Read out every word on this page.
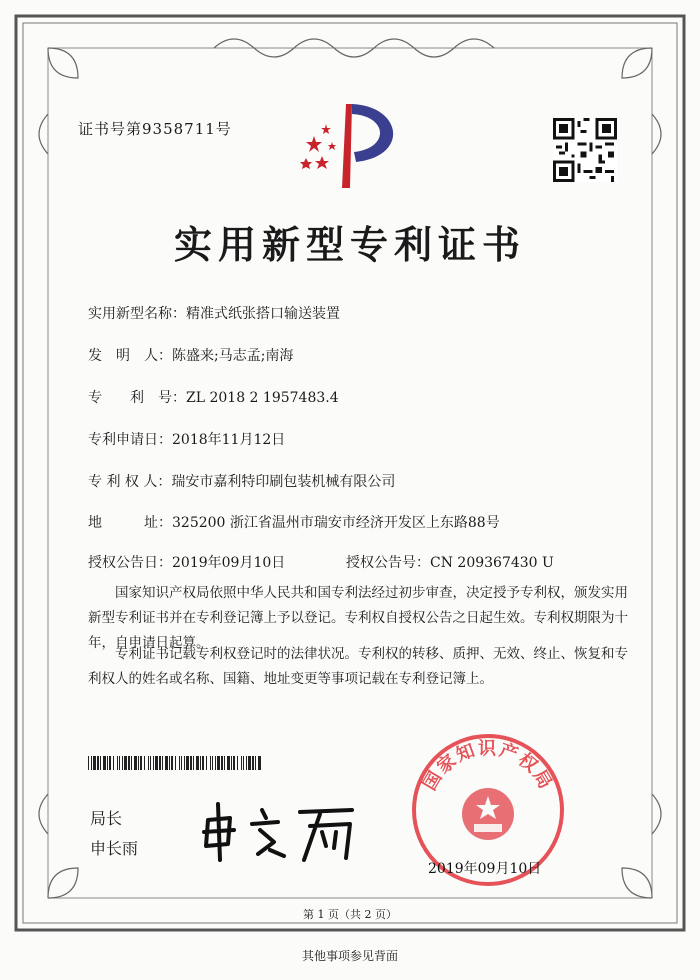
证书号第9358711号
实用新型专利证书
实用新型名称：精准式纸张搭口输送装置
发　明　人：陈盛来;马志孟;南海
专　　利　号：ZL 2018 2 1957483.4
专利申请日：2018年11月12日
专 利 权 人：瑞安市嘉利特印刷包装机械有限公司
地　　　址：325200 浙江省温州市瑞安市经济开发区上东路88号
授权公告日：2019年09月10日	授权公告号：CN 209367430 U
国家知识产权局依照中华人民共和国专利法经过初步审查，决定授予专利权，颁发实用
新型专利证书并在专利登记簿上予以登记。专利权自授权公告之日起生效。专利权期限为十
年，自申请日起算。
专利证书记载专利权登记时的法律状况。专利权的转移、质押、无效、终止、恢复和专
利权人的姓名或名称、国籍、地址变更等事项记载在专利登记簿上。
局长
申长雨
国家知识产权局
2019年09月10日
第 1 页（共 2 页）
其他事项参见背面
